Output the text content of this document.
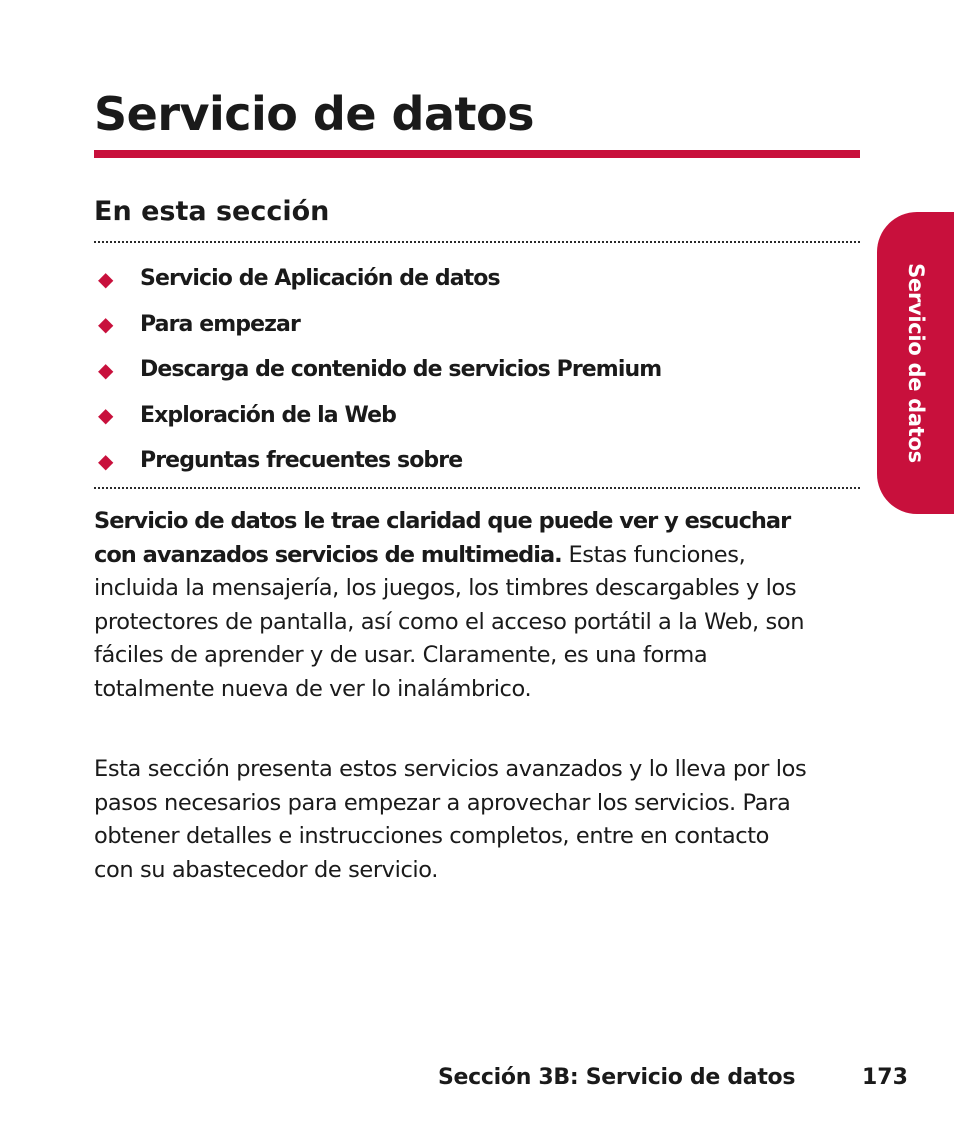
Servicio de datos
En esta sección
◆	Servicio de Aplicación de datos
◆	Para empezar
◆	Descarga de contenido de servicios Premium
◆	Exploración de la Web
◆	Preguntas frecuentes sobre

Servicio de datos le trae claridad que puede ver y escuchar con avanzados servicios de multimedia. Estas funciones, incluida la mensajería, los juegos, los timbres descargables y los protectores de pantalla, así como el acceso portátil a la Web, son fáciles de aprender y de usar. Claramente, es una forma totalmente nueva de ver lo inalámbrico.

Esta sección presenta estos servicios avanzados y lo lleva por los pasos necesarios para empezar a aprovechar los servicios. Para obtener detalles e instrucciones completos, entre en contacto con su abastecedor de servicio.

Servicio de datos
Sección 3B: Servicio de datos	173
